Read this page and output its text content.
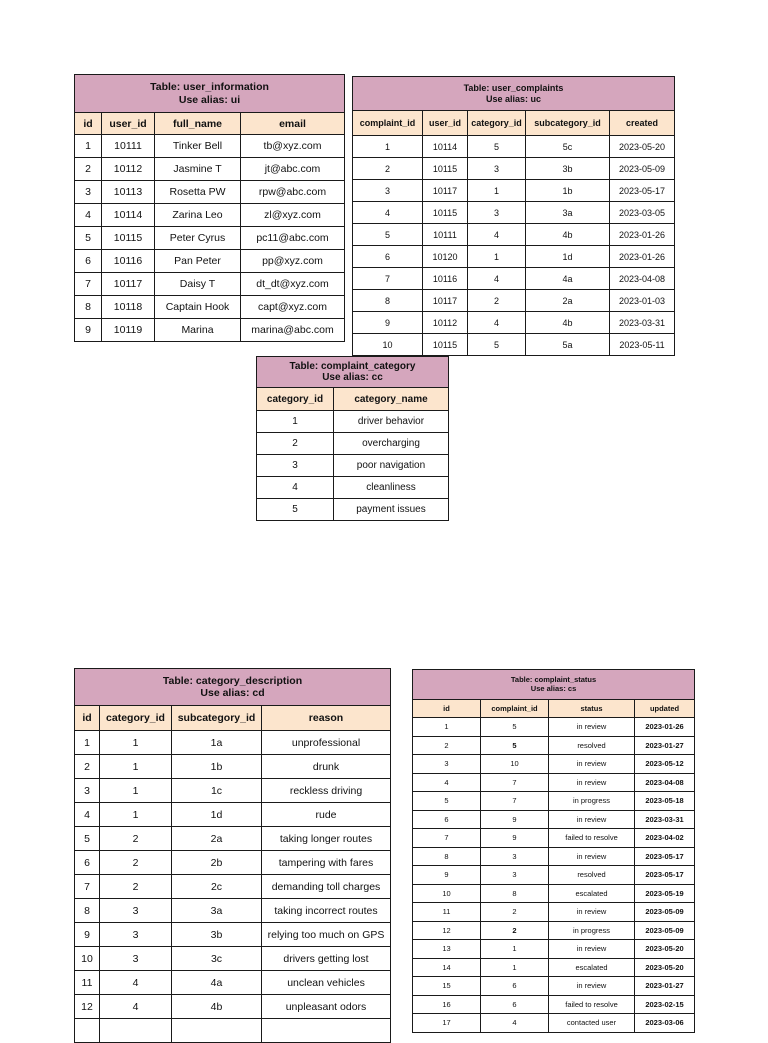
Table: user_information
Use alias: ui			

id	user_id	full_name	email
1	10111	Tinker Bell	tb@xyz.com
2	10112	Jasmine T	jt@abc.com
3	10113	Rosetta PW	rpw@abc.com
4	10114	Zarina Leo	zl@xyz.com
5	10115	Peter Cyrus	pc11@abc.com
6	10116	Pan Peter	pp@xyz.com
7	10117	Daisy T	dt_dt@xyz.com
8	10118	Captain Hook	capt@xyz.com
9	10119	Marina	marina@abc.com
Table: user_complaints
Use alias: uc				

complaint_id	user_id	category_id	subcategory_id	created
1	10114	5	5c	2023-05-20
2	10115	3	3b	2023-05-09
3	10117	1	1b	2023-05-17
4	10115	3	3a	2023-03-05
5	10111	4	4b	2023-01-26
6	10120	1	1d	2023-01-26
7	10116	4	4a	2023-04-08
8	10117	2	2a	2023-01-03
9	10112	4	4b	2023-03-31
10	10115	5	5a	2023-05-11
Table: complaint_category
Use alias: cc	

category_id	category_name
1	driver behavior
2	overcharging
3	poor navigation
4	cleanliness
5	payment issues
Table: category_description
Use alias: cd			

id	category_id	subcategory_id	reason
1	1	1a	unprofessional
2	1	1b	drunk
3	1	1c	reckless driving
4	1	1d	rude
5	2	2a	taking longer routes
6	2	2b	tampering with fares
7	2	2c	demanding toll charges
8	3	3a	taking incorrect routes
9	3	3b	relying too much on GPS
10	3	3c	drivers getting lost
11	4	4a	unclean vehicles
12	4	4b	unpleasant odors

Table: complaint_status
Use alias: cs			

id	complaint_id	status	updated
1	5	in review	2023-01-26
2	5	resolved	2023-01-27
3	10	in review	2023-05-12
4	7	in review	2023-04-08
5	7	in progress	2023-05-18
6	9	in review	2023-03-31
7	9	failed to resolve	2023-04-02
8	3	in review	2023-05-17
9	3	resolved	2023-05-17
10	8	escalated	2023-05-19
11	2	in review	2023-05-09
12	2	in progress	2023-05-09
13	1	in review	2023-05-20
14	1	escalated	2023-05-20
15	6	in review	2023-01-27
16	6	failed to resolve	2023-02-15
17	4	contacted user	2023-03-06
